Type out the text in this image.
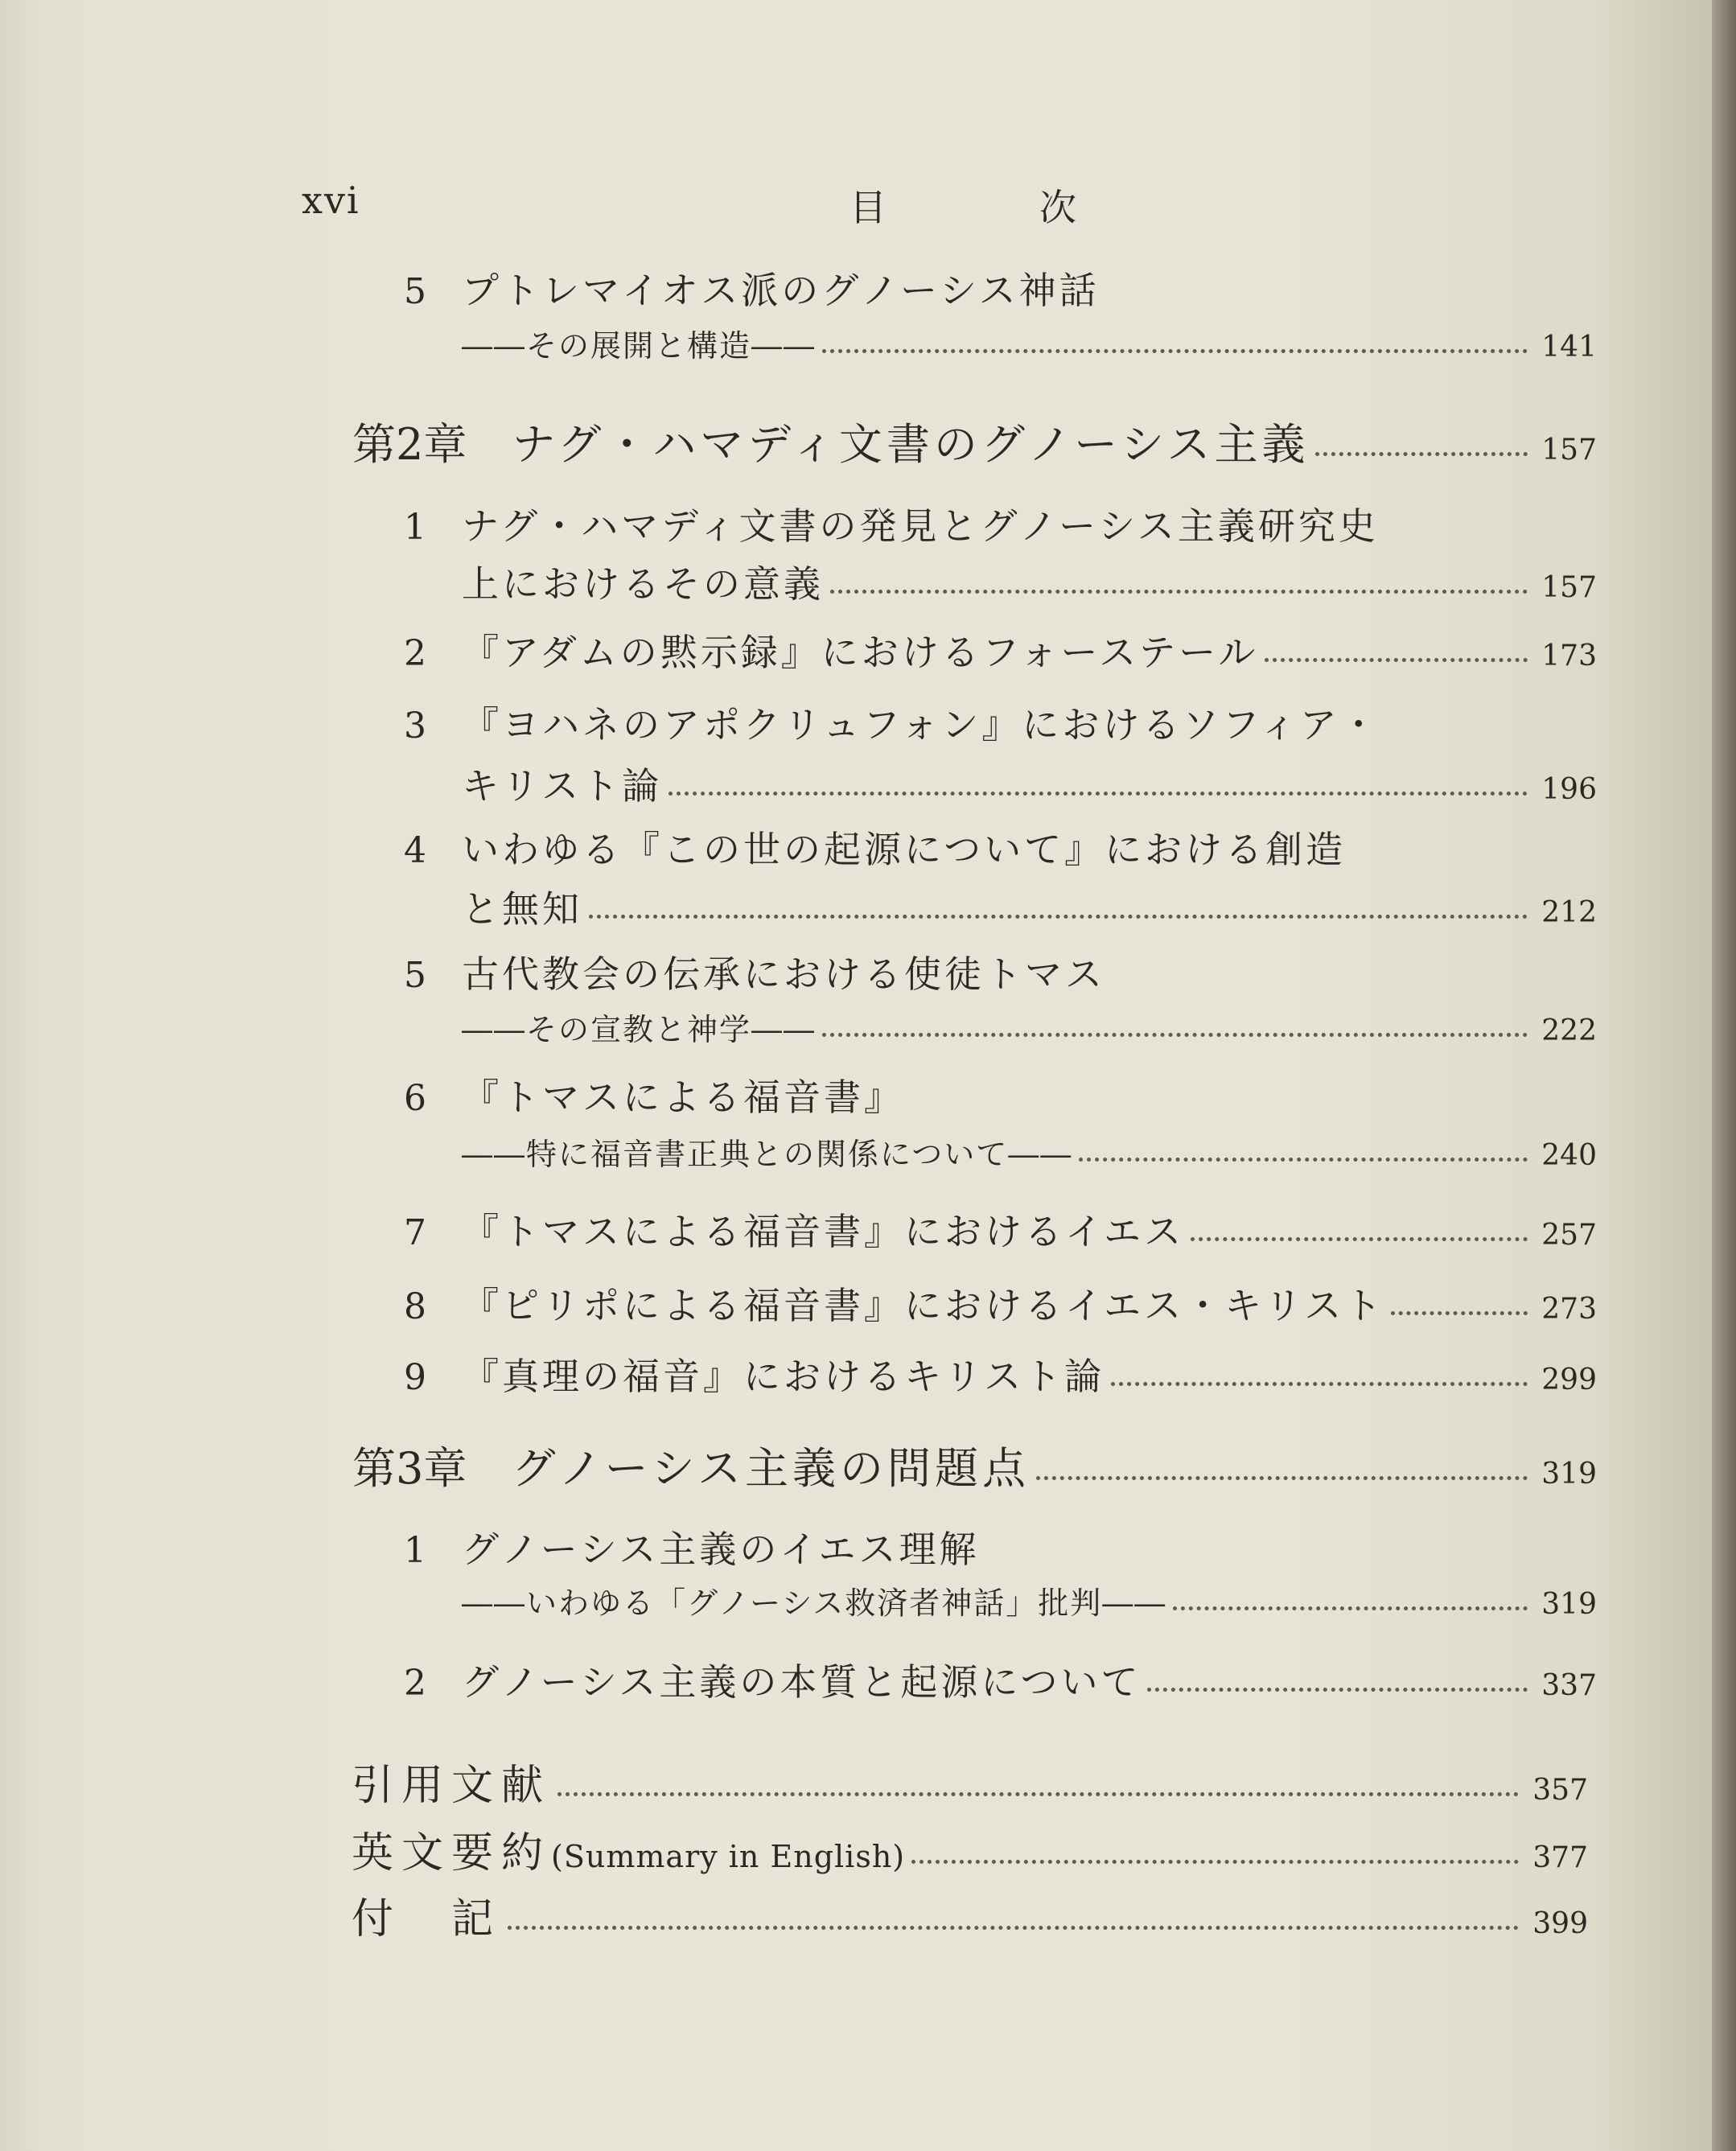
xvi	目次
5 プトレマイオス派のグノーシス神話
――その展開と構造――	141
第2章 ナグ・ハマディ文書のグノーシス主義	157
1 ナグ・ハマディ文書の発見とグノーシス主義研究史
上におけるその意義	157
2 『アダムの黙示録』におけるフォーステール	173
3 『ヨハネのアポクリュフォン』におけるソフィア・
キリスト論	196
4 いわゆる『この世の起源について』における創造
と無知	212
5 古代教会の伝承における使徒トマス
――その宣教と神学――	222
6 『トマスによる福音書』
――特に福音書正典との関係について――	240
7 『トマスによる福音書』におけるイエス	257
8 『ピリポによる福音書』におけるイエス・キリスト	273
9 『真理の福音』におけるキリスト論	299
第3章 グノーシス主義の問題点	319
1 グノーシス主義のイエス理解
――いわゆる「グノーシス救済者神話」批判――	319
2 グノーシス主義の本質と起源について	337
引用文献	357
英文要約(Summary in English)	377
付　記	399
